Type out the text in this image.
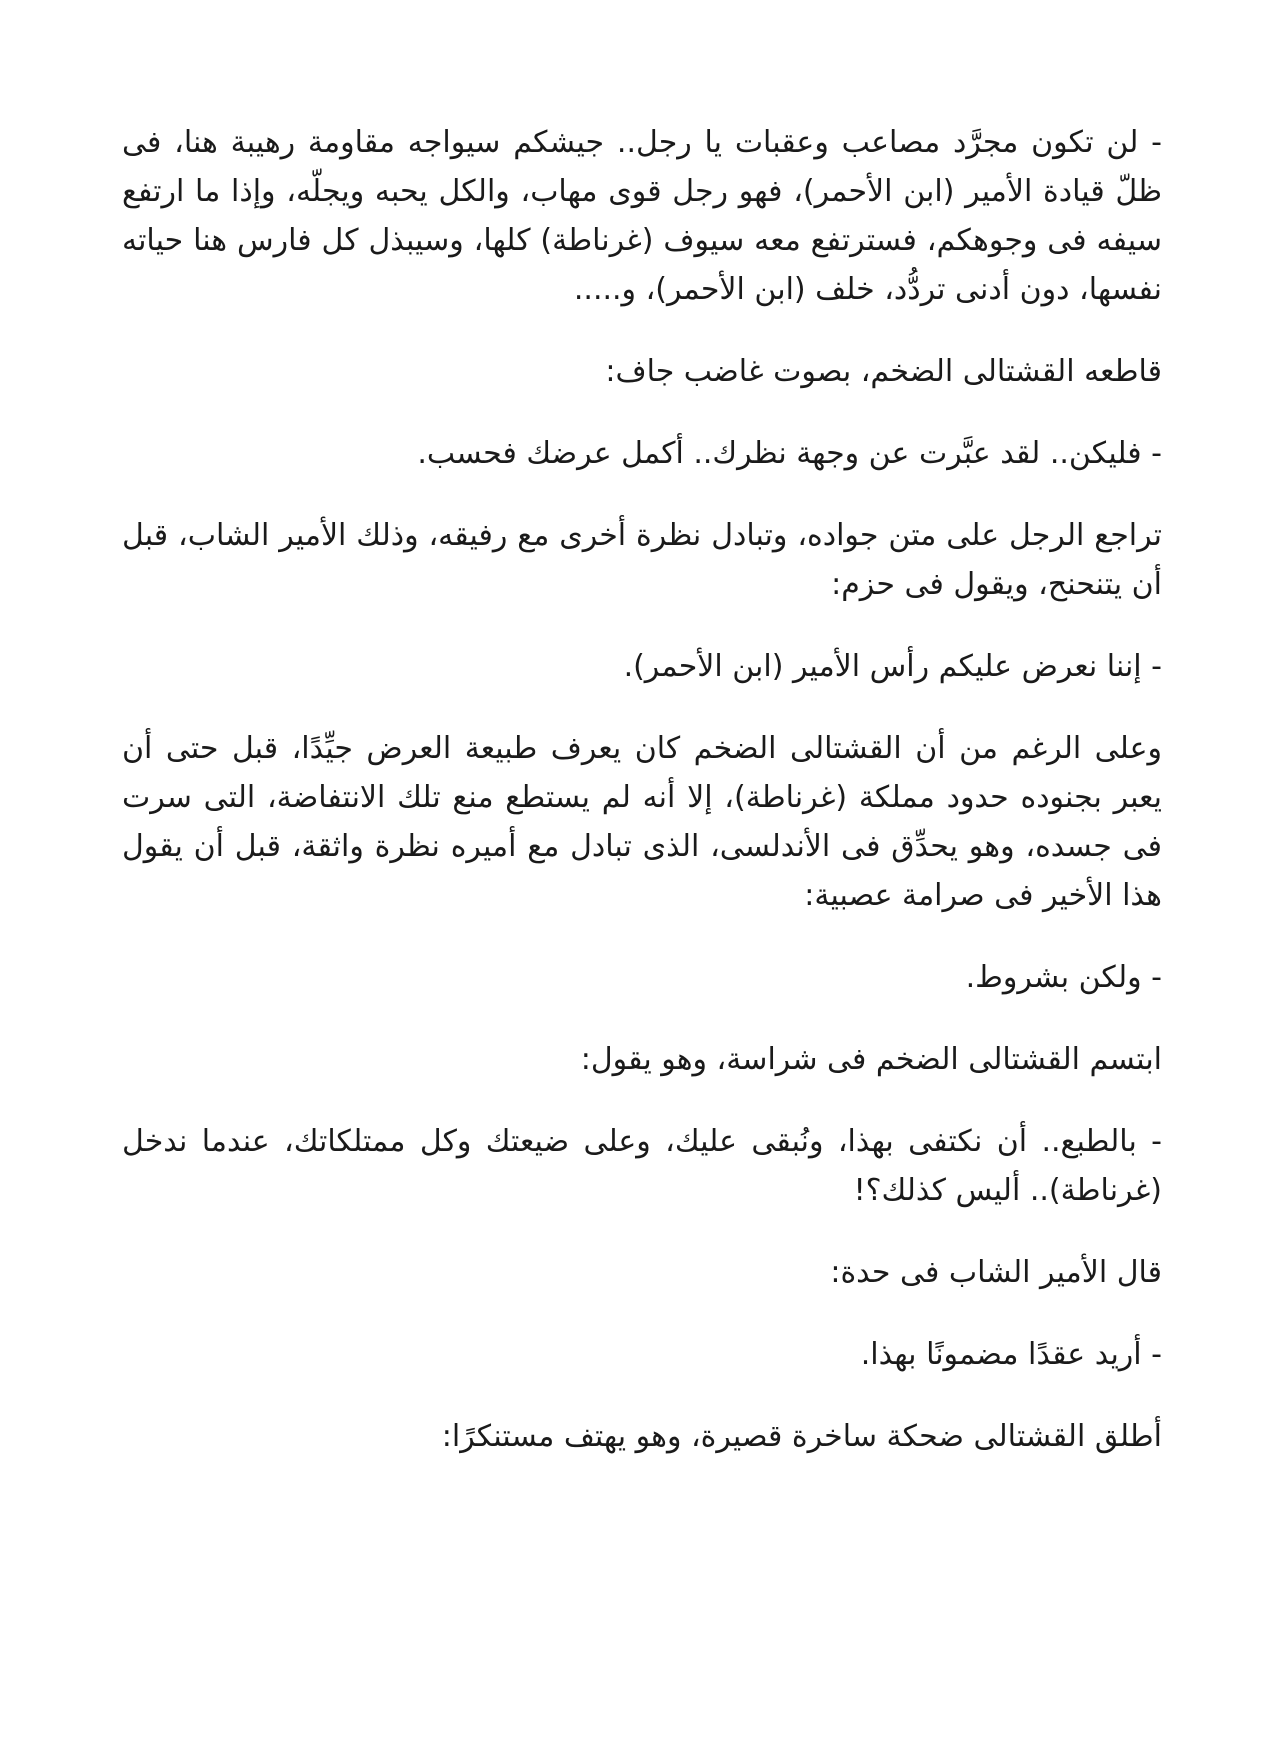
- لن تكون مجرَّد مصاعب وعقبات يا رجل.. جيشكم سيواجه مقاومة رهيبة هنا، فى ظلّ قيادة الأمير (ابن الأحمر)، فهو رجل قوى مهاب، والكل يحبه ويجلّه، وإذا ما ارتفع سيفه فى وجوهكم، فسترتفع معه سيوف (غرناطة) كلها، وسيبذل كل فارس هنا حياته نفسها، دون أدنى تردُّد، خلف (ابن الأحمر)، و.....

قاطعه القشتالى الضخم، بصوت غاضب جاف:

- فليكن.. لقد عبَّرت عن وجهة نظرك.. أكمل عرضك فحسب.

تراجع الرجل على متن جواده، وتبادل نظرة أخرى مع رفيقه، وذلك الأمير الشاب، قبل أن يتنحنح، ويقول فى حزم:

- إننا نعرض عليكم رأس الأمير (ابن الأحمر).

وعلى الرغم من أن القشتالى الضخم كان يعرف طبيعة العرض جيِّدًا، قبل حتى أن يعبر بجنوده حدود مملكة (غرناطة)، إلا أنه لم يستطع منع تلك الانتفاضة، التى سرت فى جسده، وهو يحدِّق فى الأندلسى، الذى تبادل مع أميره نظرة واثقة، قبل أن يقول هذا الأخير فى صرامة عصبية:

- ولكن بشروط.

ابتسم القشتالى الضخم فى شراسة، وهو يقول:

- بالطبع.. أن نكتفى بهذا، ونُبقى عليك، وعلى ضيعتك وكل ممتلكاتك، عندما ندخل (غرناطة).. أليس كذلك؟!

قال الأمير الشاب فى حدة:

- أريد عقدًا مضمونًا بهذا.

أطلق القشتالى ضحكة ساخرة قصيرة، وهو يهتف مستنكرًا:
